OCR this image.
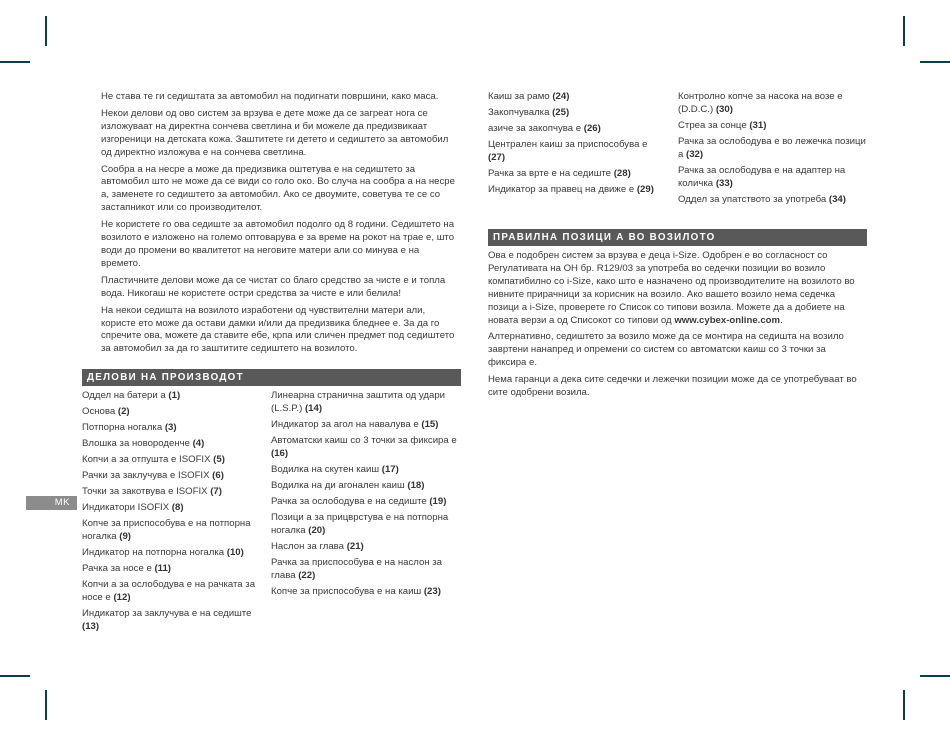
MK

Не става те ги седиштата за автомобил на подигнати површини, како маса.

Некои делови од ово систем за врзува е дете може да се загреат нога се изложуваат на директна сончева светлина и би можеле да предизвикаат изгореници на детската кожа. Заштитете ги детето и седиштето за автомобил од директно изложува е на сончева светлина.

Сообра а на несре а може да предизвика оштетува е на седиштето за автомобил што не може да се види со голо око. Во случа на сообра а на несре а, заменете го седиштето за автомобил. Ако се двоумите, советува те се со застапникот или со производителот.

Не користете го ова седиште за автомобил подолго од 8 години. Седиштето на возилото е изложено на големо оптоварува е за време на рокот на трае е, што води до промени во квалитетот на неговите матери али со минува е на времето.

Пластичните делови може да се чистат со благо средство за чисте е и топла вода. Никогаш не користете остри средства за чисте е или белила!

На некои седишта на возилото изработени од чувствителни матери али, користе ето може да остави дамки и/или да предизвика бледнее е. За да го спречите ова, можете да ставите ебе, крпа или сличен предмет под седиштето за автомобил за да го заштитите седиштето на возилото.

ДЕЛОВИ НА ПРОИЗВОДОТ
Оддел на батери а (1)
Основа (2)
Потпорна ногалка (3)
Влошка за новороденче (4)
Копчи а за отпушта е ISOFIX (5)
Рачки за заклучува е ISOFIX (6)
Точки за закотвува е ISOFIX (7)
Индикатори ISOFIX (8)
Копче за приспособува е на потпорна ногалка (9)
Индикатор на потпорна ногалка (10)
Рачка за носе е (11)
Копчи а за ослободува е на рачката за носе е (12)
Индикатор за заклучува е на седиште (13)
Линеарна странична заштита од удари (L.S.P.) (14)
Индикатор за агол на навалува е (15)
Автоматски каиш со 3 точки за фиксира е (16)
Водилка на скутен каиш (17)
Водилка на ди агонален каиш (18)
Рачка за ослободува е на седиште (19)
Позици а за прицврстува е на потпорна ногалка (20)
Наслон за глава (21)
Рачка за приспособува е на наслон за глава (22)
Копче за приспособува е на каиш (23)
Каиш за рамо (24)
Закопчувалка (25)
азиче за закопчува е (26)
Централен каиш за приспособува е (27)
Рачка за врте е на седиште (28)
Индикатор за правец на движе е (29)
Контролно копче за насока на возе е (D.D.C.) (30)
Стреа за сонце (31)
Рачка за ослободува е во лежечка позици а (32)
Рачка за ослободува е на адаптер на количка (33)
Оддел за упатството за употреба (34)
ПРАВИЛНА ПОЗИЦИ А ВО ВОЗИЛОТО

Ова е подобрен систем за врзува е деца i-Size. Одобрен е во согласност со Регулативата на ОН бр. R129/03 за употреба во седечки позиции во возило компатибилно со i-Size, како што е назначено од производителите на возилото во нивните прирачници за корисник на возило. Ако вашето возило нема седечка позици а i-Size, проверете го Список со типови возила. Можете да а добиете на новата верзи а од Списокот со типови од www.cybex-online.com.

Алтернативно, седиштето за возило може да се монтира на седишта на возило завртени нанапред и опремени со систем со автоматски каиш со 3 точки за фиксира е.

Нема гаранци а дека сите седечки и лежечки позиции може да се употребуваат во сите одобрени возила.
